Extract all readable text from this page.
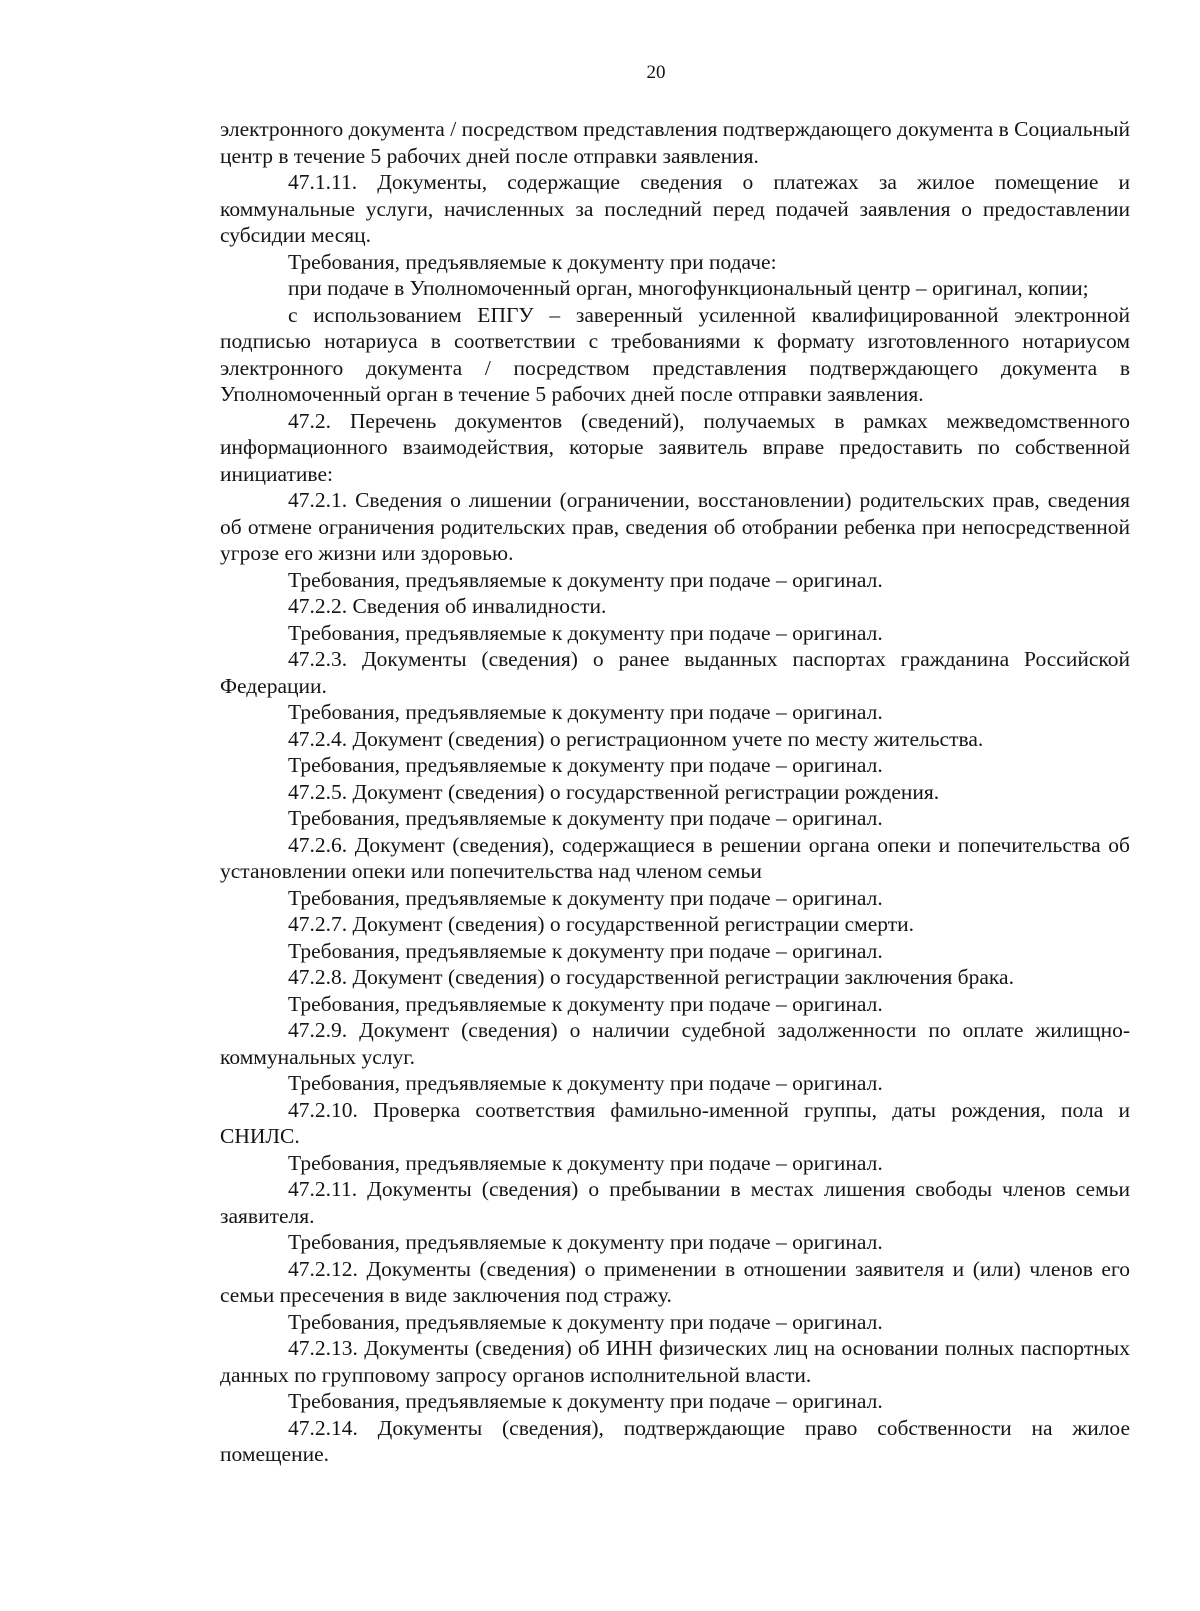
20

электронного документа / посредством представления подтверждающего документа в Социальный центр в течение 5 рабочих дней после отправки заявления.

47.1.11. Документы, содержащие сведения о платежах за жилое помещение и коммунальные услуги, начисленных за последний перед подачей заявления о предоставлении субсидии месяц.

Требования, предъявляемые к документу при подаче:

при подаче в Уполномоченный орган, многофункциональный центр – оригинал, копии;

с использованием ЕПГУ – заверенный усиленной квалифицированной электронной подписью нотариуса в соответствии с требованиями к формату изготовленного нотариусом электронного документа / посредством представления подтверждающего документа в Уполномоченный орган в течение 5 рабочих дней после отправки заявления.

47.2. Перечень документов (сведений), получаемых в рамках межведомственного информационного взаимодействия, которые заявитель вправе предоставить по собственной инициативе:

47.2.1. Сведения о лишении (ограничении, восстановлении) родительских прав, сведения об отмене ограничения родительских прав, сведения об отобрании ребенка при непосредственной угрозе его жизни или здоровью.

Требования, предъявляемые к документу при подаче – оригинал.

47.2.2. Сведения об инвалидности.

Требования, предъявляемые к документу при подаче – оригинал.

47.2.3. Документы (сведения) о ранее выданных паспортах гражданина Российской Федерации.

Требования, предъявляемые к документу при подаче – оригинал.

47.2.4. Документ (сведения) о регистрационном учете по месту жительства.

Требования, предъявляемые к документу при подаче – оригинал.

47.2.5. Документ (сведения) о государственной регистрации рождения.

Требования, предъявляемые к документу при подаче – оригинал.

47.2.6. Документ (сведения), содержащиеся в решении органа опеки и попечительства об установлении опеки или попечительства над членом семьи

Требования, предъявляемые к документу при подаче – оригинал.

47.2.7. Документ (сведения) о государственной регистрации смерти.

Требования, предъявляемые к документу при подаче – оригинал.

47.2.8. Документ (сведения) о государственной регистрации заключения брака.

Требования, предъявляемые к документу при подаче – оригинал.

47.2.9. Документ (сведения) о наличии судебной задолженности по оплате жилищно-коммунальных услуг.

Требования, предъявляемые к документу при подаче – оригинал.

47.2.10. Проверка соответствия фамильно-именной группы, даты рождения, пола и СНИЛС.

Требования, предъявляемые к документу при подаче – оригинал.

47.2.11. Документы (сведения) о пребывании в местах лишения свободы членов семьи заявителя.

Требования, предъявляемые к документу при подаче – оригинал.

47.2.12. Документы (сведения) о применении в отношении заявителя и (или) членов его семьи пресечения в виде заключения под стражу.

Требования, предъявляемые к документу при подаче – оригинал.

47.2.13. Документы (сведения) об ИНН физических лиц на основании полных паспортных данных по групповому запросу органов исполнительной власти.

Требования, предъявляемые к документу при подаче – оригинал.

47.2.14. Документы (сведения), подтверждающие право собственности на жилое помещение.
